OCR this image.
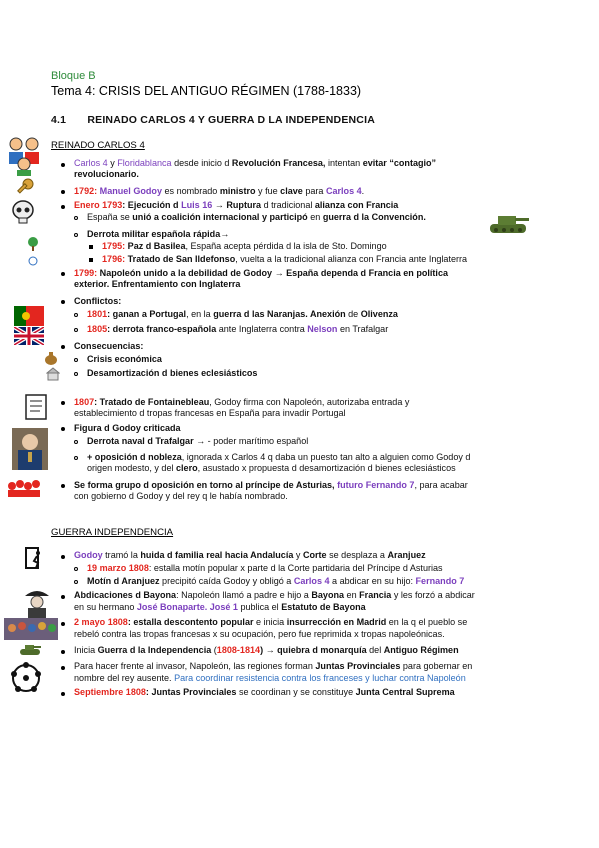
Bloque B
Tema 4: CRISIS DEL ANTIGUO RÉGIMEN (1788-1833)
4.1 REINADO CARLOS 4 Y GUERRA D LA INDEPENDENCIA
REINADO CARLOS 4
GUERRA INDEPENDENCIA
Carlos 4 y Floridablanca desde inicio d Revolución Francesa, intentan evitar “contagio”
revolucionario.
1792: Manuel Godoy es nombrado ministro y fue clave para Carlos 4.
Enero 1793: Ejecución d Luis 16 → Ruptura d tradicional alianza con Francia
España se unió a coalición internacional y participó en guerra d la Convención.
Derrota militar española rápida→
1795: Paz d Basilea, España acepta pérdida d la isla de Sto. Domingo
1796: Tratado de San Ildefonso, vuelta a la tradicional alianza con Francia ante Inglaterra
1799: Napoleón unido a la debilidad de Godoy → España dependa d Francia en política
exterior. Enfrentamiento con Inglaterra
Conflictos:
1801: ganan a Portugal, en la guerra d las Naranjas. Anexión de Olivenza
1805: derrota franco-española ante Inglaterra contra Nelson en Trafalgar
Consecuencias:
Crisis económica
Desamortización d bienes eclesiásticos
1807: Tratado de Fontainebleau, Godoy firma con Napoleón, autorizaba entrada y
establecimiento d tropas francesas en España para invadir Portugal
Figura d Godoy criticada
Derrota naval d Trafalgar → - poder marítimo español
+ oposición d nobleza, ignorada x Carlos 4 q daba un puesto tan alto a alguien como Godoy d
origen modesto, y del clero, asustado x propuesta d desamortización d bienes eclesiásticos
Se forma grupo d oposición en torno al príncipe de Asturias, futuro Fernando 7, para acabar
con gobierno d Godoy y del rey q le había nombrado.
Godoy tramó la huida d familia real hacia Andalucía y Corte se desplaza a Aranjuez
19 marzo 1808: estalla motín popular x parte d la Corte partidaria del Príncipe d Asturias
Motín d Aranjuez precipitó caída Godoy y obligó a Carlos 4 a abdicar en su hijo: Fernando 7
Abdicaciones d Bayona: Napoleón llamó a padre e hijo a Bayona en Francia y les forzó a abdicar
en su hermano José Bonaparte. José 1 publica el Estatuto de Bayona
2 mayo 1808: estalla descontento popular e inicia insurrección en Madrid en la q el pueblo se
rebeló contra las tropas francesas x su ocupación, pero fue reprimida x tropas napoleónicas.
Inicia Guerra d la Independencia (1808-1814) → quiebra d monarquía del Antiguo Régimen
Para hacer frente al invasor, Napoleón, las regiones forman Juntas Provinciales para gobernar en
nombre del rey ausente. Para coordinar resistencia contra los franceses y luchar contra Napoleón
Septiembre 1808: Juntas Provinciales se coordinan y se constituye Junta Central Suprema
